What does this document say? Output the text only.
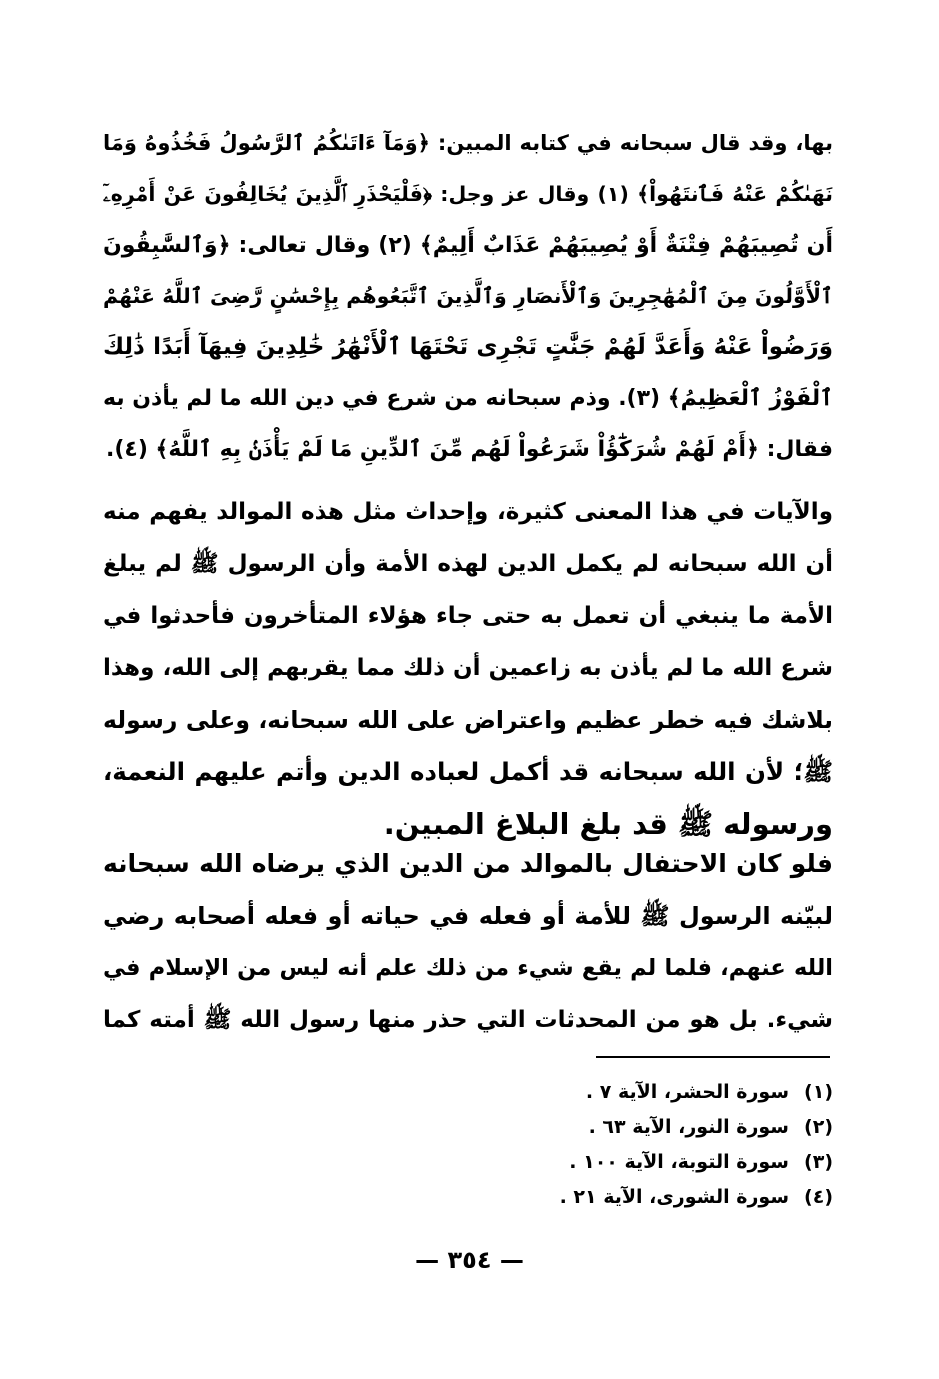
بها، وقد قال سبحانه في كتابه المبين: ﴿وَمَآ ءَاتَىٰكُمُ ٱلرَّسُولُ فَخُذُوهُ وَمَا
نَهَىٰكُمْ عَنْهُ فَٱنتَهُواْ﴾ (١) وقال عز وجل: ﴿فَلْيَحْذَرِ ٱلَّذِينَ يُخَالِفُونَ عَنْ أَمْرِهِۦٓ
أَن تُصِيبَهُمْ فِتْنَةٌ أَوْ يُصِيبَهُمْ عَذَابٌ أَلِيمٌ﴾ (٢) وقال تعالى: ﴿وَٱلسَّٰبِقُونَ
ٱلْأَوَّلُونَ مِنَ ٱلْمُهَٰجِرِينَ وَٱلْأَنصَارِ وَٱلَّذِينَ ٱتَّبَعُوهُم بِإِحْسَٰنٍ رَّضِىَ ٱللَّهُ عَنْهُمْ
وَرَضُواْ عَنْهُ وَأَعَدَّ لَهُمْ جَنَّٰتٍ تَجْرِى تَحْتَهَا ٱلْأَنْهَٰرُ خَٰلِدِينَ فِيهَآ أَبَدًا ذَٰلِكَ
ٱلْفَوْزُ ٱلْعَظِيمُ﴾ (٣). وذم سبحانه من شرع في دين الله ما لم يأذن به
فقال: ﴿أَمْ لَهُمْ شُرَكَٰٓؤُاْ شَرَعُواْ لَهُم مِّنَ ٱلدِّينِ مَا لَمْ يَأْذَنۢ بِهِ ٱللَّهُ﴾ (٤).
والآيات في هذا المعنى كثيرة، وإحداث مثل هذه الموالد يفهم منه
أن الله سبحانه لم يكمل الدين لهذه الأمة وأن الرسول ﷺ لم يبلغ
الأمة ما ينبغي أن تعمل به حتى جاء هؤلاء المتأخرون فأحدثوا في
شرع الله ما لم يأذن به زاعمين أن ذلك مما يقربهم إلى الله، وهذا
بلاشك فيه خطر عظيم واعتراض على الله سبحانه، وعلى رسوله
ﷺ؛ لأن الله سبحانه قد أكمل لعباده الدين وأتم عليهم النعمة،
ورسوله ﷺ قد بلغ البلاغ المبين.
فلو كان الاحتفال بالموالد من الدين الذي يرضاه الله سبحانه
لبيّنه الرسول ﷺ للأمة أو فعله في حياته أو فعله أصحابه رضي
الله عنهم، فلما لم يقع شيء من ذلك علم أنه ليس من الإسلام في
شيء. بل هو من المحدثات التي حذر منها رسول الله ﷺ أمته كما
(١)
سورة الحشر، الآية ٧ .
(٢)
سورة النور، الآية ٦٣ .
(٣)
سورة التوبة، الآية ١٠٠ .
(٤)
سورة الشورى، الآية ٢١ .
— ٣٥٤ —
